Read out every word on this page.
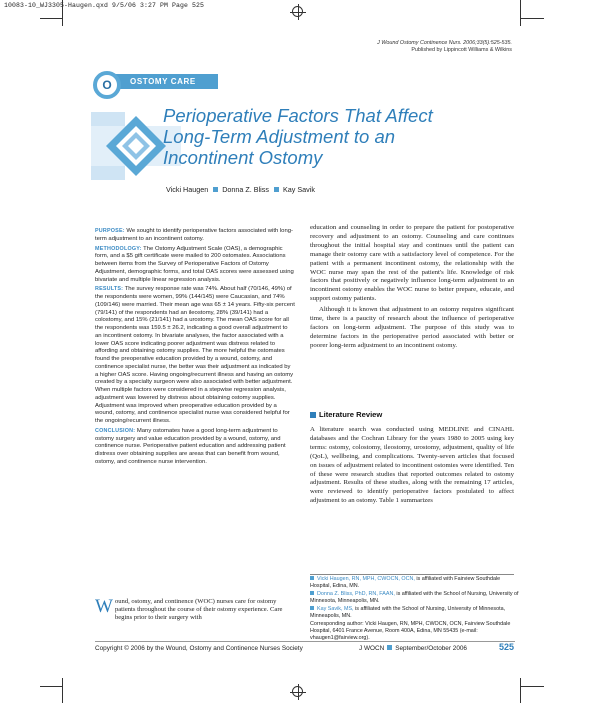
10083-10_WJ3305-Haugen.qxd 9/5/06 3:27 PM Page 525
J Wound Ostomy Continence Nurs. 2006;33(5):525-535.
Published by Lippincott Williams & Wilkins
OSTOMY CARE
O
Perioperative Factors That Affect Long-Term Adjustment to an Incontinent Ostomy
Vicki Haugen Donna Z. Bliss Kay Savik

PURPOSE: We sought to identify perioperative factors associated with long-term adjustment to an incontinent ostomy.

METHODOLOGY: The Ostomy Adjustment Scale (OAS), a demographic form, and a $5 gift certificate were mailed to 200 ostomates. Associations between items from the Survey of Perioperative Factors of Ostomy Adjustment, demographic forms, and total OAS scores were assessed using bivariate and multiple linear regression analysis.

RESULTS: The survey response rate was 74%. About half (70/146, 49%) of the respondents were women, 99% (144/145) were Caucasian, and 74% (109/146) were married. Their mean age was 65 ± 14 years. Fifty-six percent (79/141) of the respondents had an ileostomy, 28% (39/141) had a colostomy, and 15% (21/141) had a urostomy. The mean OAS score for all the respondents was 159.5 ± 26.2, indicating a good overall adjustment to an incontinent ostomy. In bivariate analyses, the factor associated with a lower OAS score indicating poorer adjustment was distress related to affording and obtaining ostomy supplies. The more helpful the ostomates found the preoperative education provided by a wound, ostomy, and continence specialist nurse, the better was their adjustment as indicated by a higher OAS score. Having ongoing/recurrent illness and having an ostomy created by a specialty surgeon were also associated with better adjustment. When multiple factors were considered in a stepwise regression analysis, adjustment was lowered by distress about obtaining ostomy supplies. Adjustment was improved when preoperative education provided by a wound, ostomy, and continence specialist nurse was considered helpful for the ongoing/recurrent illness.

CONCLUSION: Many ostomates have a good long-term adjustment to ostomy surgery and value education provided by a wound, ostomy, and continence nurse. Perioperative patient education and addressing patient distress over obtaining supplies are areas that can benefit from wound, ostomy, and continence nurse intervention.

Wound, ostomy, and continence (WOC) nurses care for ostomy patients throughout the course of their ostomy experience. Care begins prior to their surgery with

education and counseling in order to prepare the patient for postoperative recovery and adjustment to an ostomy. Counseling and care continues throughout the initial hospital stay and continues until the patient can manage their ostomy care with a satisfactory level of competence. For the patient with a permanent incontinent ostomy, the relationship with the WOC nurse may span the rest of the patient's life. Knowledge of risk factors that positively or negatively influence long-term adjustment to an incontinent ostomy enables the WOC nurse to better prepare, educate, and support ostomy patients.

Although it is known that adjustment to an ostomy requires significant time, there is a paucity of research about the influence of perioperative factors on long-term adjustment. The purpose of this study was to determine factors in the perioperative period associated with better or poorer long-term adjustment to an incontinent ostomy.

Literature Review
A literature search was conducted using MEDLINE and CINAHL databases and the Cochran Library for the years 1980 to 2005 using key terms: ostomy, colostomy, ileostomy, urostomy, adjustment, quality of life (QoL), wellbeing, and complications. Twenty-seven articles that focused on issues of adjustment related to incontinent ostomies were identified. Ten of these were research studies that reported outcomes related to ostomy adjustment. Results of these studies, along with the remaining 17 articles, were reviewed to identify perioperative factors postulated to affect adjustment to an ostomy. Table 1 summarizes
Vicki Haugen, RN, MPH, CWOCN, OCN, is affiliated with Fairview Southdale Hospital, Edina, MN.
Donna Z. Bliss, PhD, RN, FAAN, is affiliated with the School of Nursing, University of Minnesota, Minneapolis, MN.
Kay Savik, MS, is affiliated with the School of Nursing, University of Minnesota, Minneapolis, MN.
Corresponding author: Vicki Haugen, RN, MPH, CWOCN, OCN, Fairview Southdale Hospital, 6401 France Avenue, Room 400A, Edina, MN 55435 (e-mail: vhaugen1@fairview.org).
Copyright © 2006 by the Wound, Ostomy and Continence Nurses Society	J WOCN September/October 2006	525
